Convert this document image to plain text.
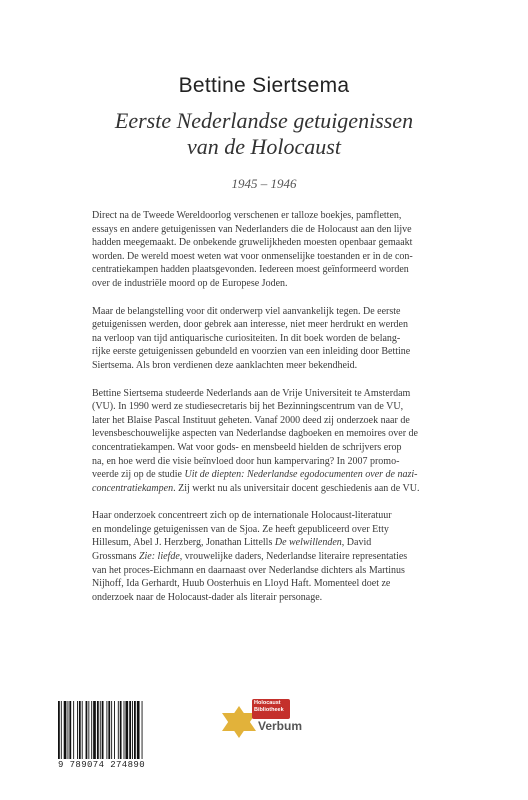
Bettine Siertsema
Eerste Nederlandse getuigenissen
van de Holocaust
1945 – 1946

Direct na de Tweede Wereldoorlog verschenen er talloze boekjes, pamfletten,
essays en andere getuigenissen van Nederlanders die de Holocaust aan den lijve
hadden meegemaakt. De onbekende gruwelijkheden moesten openbaar gemaakt
worden. De wereld moest weten wat voor onmenselijke toestanden er in de con-
centratiekampen hadden plaatsgevonden. Iedereen moest geïnformeerd worden
over de industriële moord op de Europese Joden.

Maar de belangstelling voor dit onderwerp viel aanvankelijk tegen. De eerste
getuigenissen werden, door gebrek aan interesse, niet meer herdrukt en werden
na verloop van tijd antiquarische curiositeiten. In dit boek worden de belang-
rijke eerste getuigenissen gebundeld en voorzien van een inleiding door Bettine
Siertsema. Als bron verdienen deze aanklachten meer bekendheid.

Bettine Siertsema studeerde Nederlands aan de Vrije Universiteit te Amsterdam
(VU). In 1990 werd ze studiesecretaris bij het Bezinningscentrum van de VU,
later het Blaise Pascal Instituut geheten. Vanaf 2000 deed zij onderzoek naar de
levensbeschouwelijke aspecten van Nederlandse dagboeken en memoires over de
concentratiekampen. Wat voor gods- en mensbeeld hielden de schrijvers erop
na, en hoe werd die visie beïnvloed door hun kampervaring? In 2007 promo-
veerde zij op de studie Uit de diepten: Nederlandse egodocumenten over de nazi-
concentratiekampen. Zij werkt nu als universitair docent geschiedenis aan de VU.

Haar onderzoek concentreert zich op de internationale Holocaust-literatuur
en mondelinge getuigenissen van de Sjoa. Ze heeft gepubliceerd over Etty
Hillesum, Abel J. Herzberg, Jonathan Littells De welwillenden, David
Grossmans Zie: liefde, vrouwelijke daders, Nederlandse literaire representaties
van het proces-Eichmann en daarnaast over Nederlandse dichters als Martinus
Nijhoff, Ida Gerhardt, Huub Oosterhuis en Lloyd Haft. Momenteel doet ze
onderzoek naar de Holocaust-dader als literair personage.

9 789074 274890
Holocaust
Bibliotheek
Verbum
